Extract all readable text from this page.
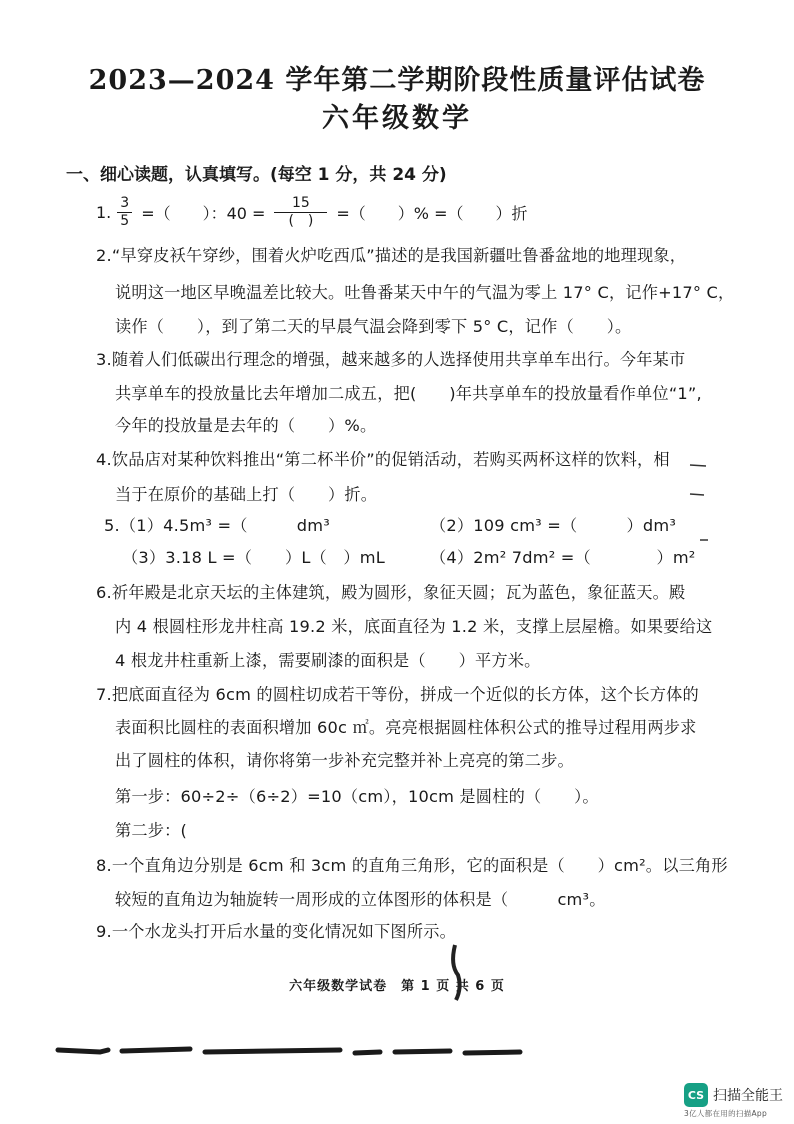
2023—2024 学年第二学期阶段性质量评估试卷
六年级数学
一、细心读题，认真填写。(每空 1 分，共 24 分)
1. $\frac{3}{5}$ =（　　）：$40 = \frac{15}{( )}$ =（　　）% =（　　）折
2.“早穿皮袄午穿纱，围着火炉吃西瓜”描述的是我国新疆吐鲁番盆地的地理现象，
说明这一地区早晚温差比较大。吐鲁番某天中午的气温为零上 17° C，记作+17° C，
读作（　　），到了第二天的早晨气温会降到零下 5° C，记作（　　）。
3.随着人们低碳出行理念的增强，越来越多的人选择使用共享单车出行。今年某市
共享单车的投放量比去年增加二成五，把(　　)年共享单车的投放量看作单位“1”,
今年的投放量是去年的（　　）%。
4.饮品店对某种饮料推出“第二杯半价”的促销活动，若购买两杯这样的饮料，相
当于在原价的基础上打（　　）折。
5.（1）4.5m³ =（　　　dm³	（2）109 cm³ =（　　　）dm³
（3）3.18 L =（　　）L（　）mL	（4）2m² 7dm² =（　　　　）m²
6.祈年殿是北京天坛的主体建筑，殿为圆形，象征天圆；瓦为蓝色，象征蓝天。殿
内 4 根圆柱形龙井柱高 19.2 米，底面直径为 1.2 米，支撑上层屋檐。如果要给这
4 根龙井柱重新上漆，需要刷漆的面积是（　　）平方米。
7.把底面直径为 6cm 的圆柱切成若干等份，拼成一个近似的长方体，这个长方体的
表面积比圆柱的表面积增加 60c ㎡。亮亮根据圆柱体积公式的推导过程用两步求
出了圆柱的体积，请你将第一步补充完整并补上亮亮的第二步。
第一步：60÷2÷（6÷2）=10（cm），10cm 是圆柱的（　　）。
第二步：(
8.一个直角边分别是 6cm 和 3cm 的直角三角形，它的面积是（　　）cm²。以三角形
较短的直角边为轴旋转一周形成的立体图形的体积是（　　　cm³。
9.一个水龙头打开后水量的变化情况如下图所示。
六年级数学试卷　第 1 页 共 6 页
CS 扫描全能王
3亿人都在用的扫描App
